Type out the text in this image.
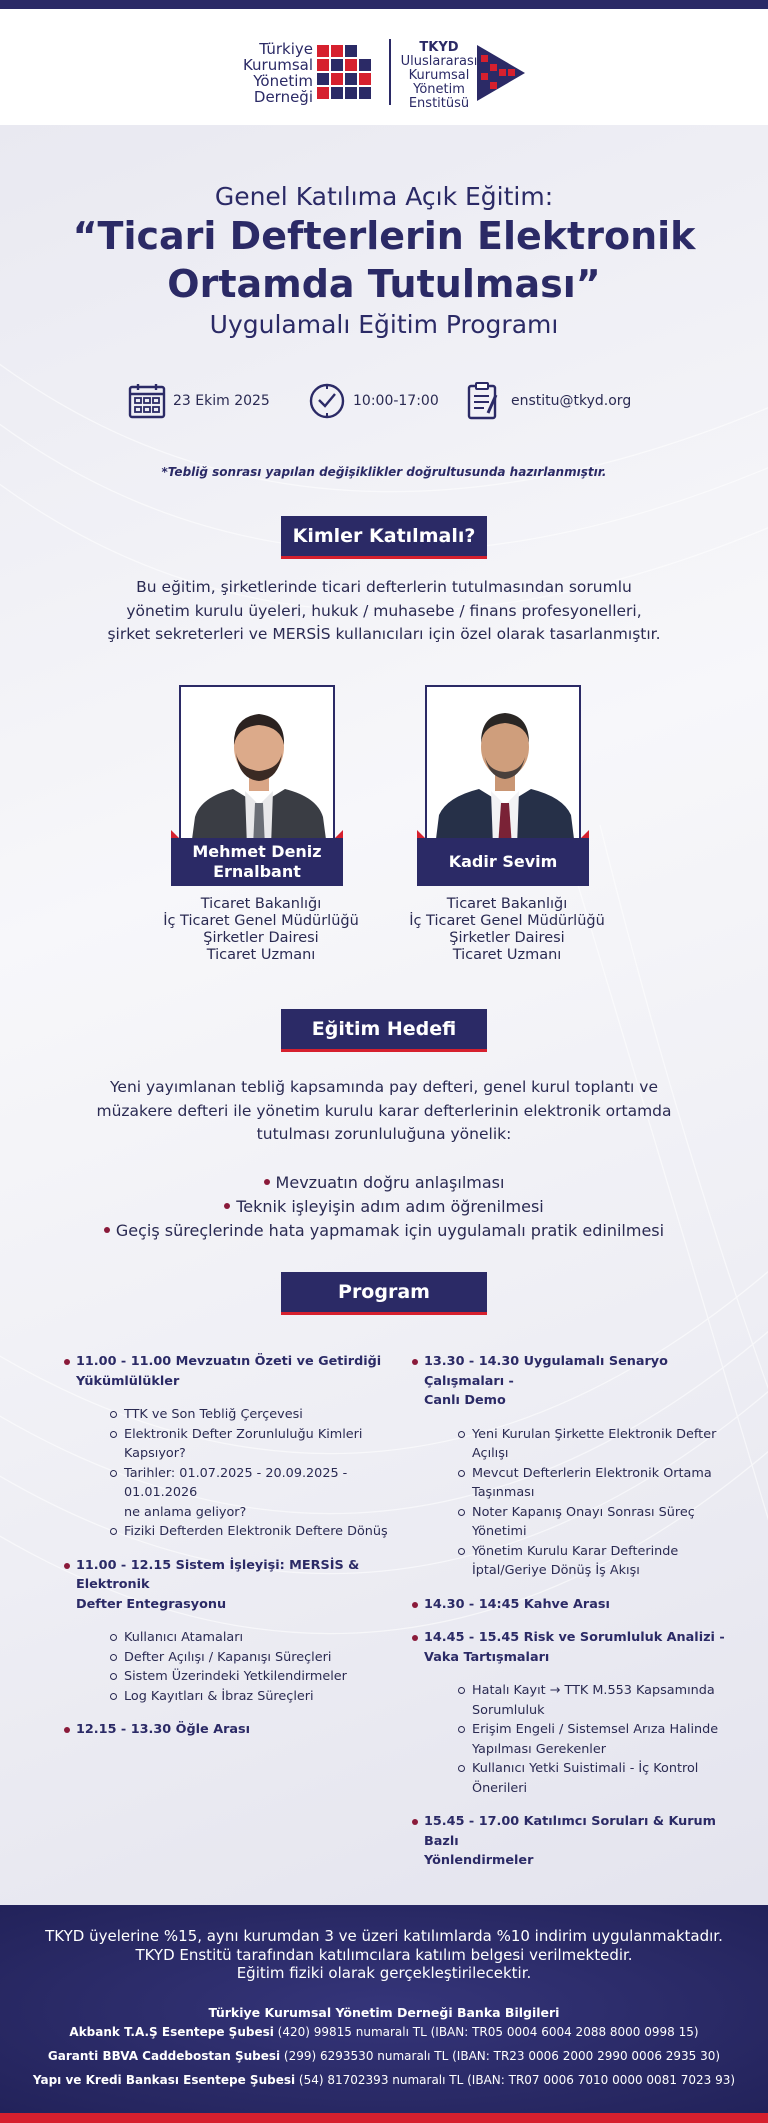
Türkiye
Kurumsal
Yönetim
Derneği
TKYD
Uluslararası
Kurumsal
Yönetim
Enstitüsü
Genel Katılıma Açık Eğitim:
“Ticari Defterlerin Elektronik
Ortamda Tutulması”
Uygulamalı Eğitim Programı
23 Ekim 2025	10:00-17:00	enstitu@tkyd.org
*Tebliğ sonrası yapılan değişiklikler doğrultusunda hazırlanmıştır.
Kimler Katılmalı?
Bu eğitim, şirketlerinde ticari defterlerin tutulmasından sorumlu
yönetim kurulu üyeleri, hukuk / muhasebe / finans profesyonelleri,
şirket sekreterleri ve MERSİS kullanıcıları için özel olarak tasarlanmıştır.
Mehmet Deniz
Ernalbant
Ticaret Bakanlığı
İç Ticaret Genel Müdürlüğü
Şirketler Dairesi
Ticaret Uzmanı
Kadir Sevim
Ticaret Bakanlığı
İç Ticaret Genel Müdürlüğü
Şirketler Dairesi
Ticaret Uzmanı
Eğitim Hedefi
Yeni yayımlanan tebliğ kapsamında pay defteri, genel kurul toplantı ve
müzakere defteri ile yönetim kurulu karar defterlerinin elektronik ortamda
tutulması zorunluluğuna yönelik:
Mevzuatın doğru anlaşılması
Teknik işleyişin adım adım öğrenilmesi
Geçiş süreçlerinde hata yapmamak için uygulamalı pratik edinilmesi
Program
11.00 - 11.00 Mevzuatın Özeti ve Getirdiği
Yükümlülükler
TTK ve Son Tebliğ Çerçevesi
Elektronik Defter Zorunluluğu Kimleri
Kapsıyor?
Tarihler: 01.07.2025 - 20.09.2025 - 01.01.2026
ne anlama geliyor?
Fiziki Defterden Elektronik Deftere Dönüş
11.00 - 12.15 Sistem İşleyişi: MERSİS & Elektronik
Defter Entegrasyonu
Kullanıcı Atamaları
Defter Açılışı / Kapanışı Süreçleri
Sistem Üzerindeki Yetkilendirmeler
Log Kayıtları & İbraz Süreçleri
12.15 - 13.30 Öğle Arası
13.30 - 14.30 Uygulamalı Senaryo Çalışmaları -
Canlı Demo
Yeni Kurulan Şirkette Elektronik Defter
Açılışı
Mevcut Defterlerin Elektronik Ortama
Taşınması
Noter Kapanış Onayı Sonrası Süreç
Yönetimi
Yönetim Kurulu Karar Defterinde
İptal/Geriye Dönüş İş Akışı
14.30 - 14:45 Kahve Arası
14.45 - 15.45 Risk ve Sorumluluk Analizi -
Vaka Tartışmaları
Hatalı Kayıt → TTK M.553 Kapsamında
Sorumluluk
Erişim Engeli / Sistemsel Arıza Halinde
Yapılması Gerekenler
Kullanıcı Yetki Suistimali - İç Kontrol
Önerileri
15.45 - 17.00 Katılımcı Soruları & Kurum Bazlı
Yönlendirmeler
TKYD üyelerine %15, aynı kurumdan 3 ve üzeri katılımlarda %10 indirim uygulanmaktadır.
TKYD Enstitü tarafından katılımcılara katılım belgesi verilmektedir.
Eğitim fiziki olarak gerçekleştirilecektir.
Türkiye Kurumsal Yönetim Derneği Banka Bilgileri
Akbank T.A.Ş Esentepe Şubesi (420) 99815 numaralı TL (IBAN: TR05 0004 6004 2088 8000 0998 15)
Garanti BBVA Caddebostan Şubesi (299) 6293530 numaralı TL (IBAN: TR23 0006 2000 2990 0006 2935 30)
Yapı ve Kredi Bankası Esentepe Şubesi (54) 81702393 numaralı TL (IBAN: TR07 0006 7010 0000 0081 7023 93)
